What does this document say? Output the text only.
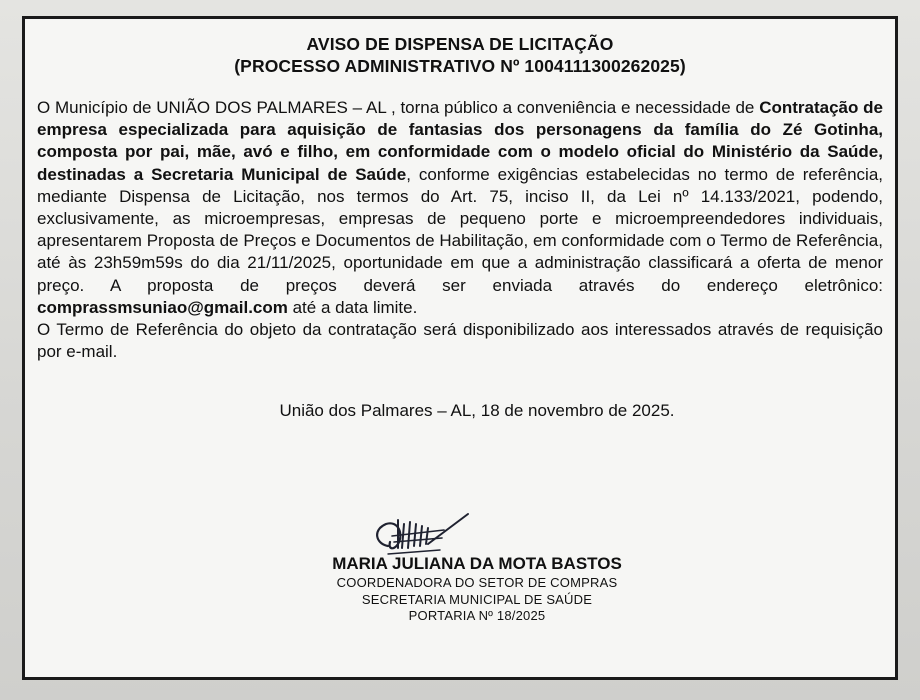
AVISO DE DISPENSA DE LICITAÇÃO
(PROCESSO ADMINISTRATIVO Nº 1004111300262025)

O Município de UNIÃO DOS PALMARES – AL , torna público a conveniência e necessidade de Contratação de empresa especializada para aquisição de fantasias dos personagens da família do Zé Gotinha, composta por pai, mãe, avó e filho, em conformidade com o modelo oficial do Ministério da Saúde, destinadas a Secretaria Municipal de Saúde, conforme exigências estabelecidas no termo de referência, mediante Dispensa de Licitação, nos termos do Art. 75, inciso II, da Lei nº 14.133/2021, podendo, exclusivamente, as microempresas, empresas de pequeno porte e microempreendedores individuais, apresentarem Proposta de Preços e Documentos de Habilitação, em conformidade com o Termo de Referência, até às 23h59m59s do dia 21/11/2025, oportunidade em que a administração classificará a oferta de menor preço. A proposta de preços deverá ser enviada através do endereço eletrônico: comprassmsuniao@gmail.com até a data limite.

O Termo de Referência do objeto da contratação será disponibilizado aos interessados através de requisição por e-mail.

União dos Palmares – AL, 18 de novembro de 2025.

MARIA JULIANA DA MOTA BASTOS

COORDENADORA DO SETOR DE COMPRAS

SECRETARIA MUNICIPAL DE SAÚDE

PORTARIA Nº 18/2025
